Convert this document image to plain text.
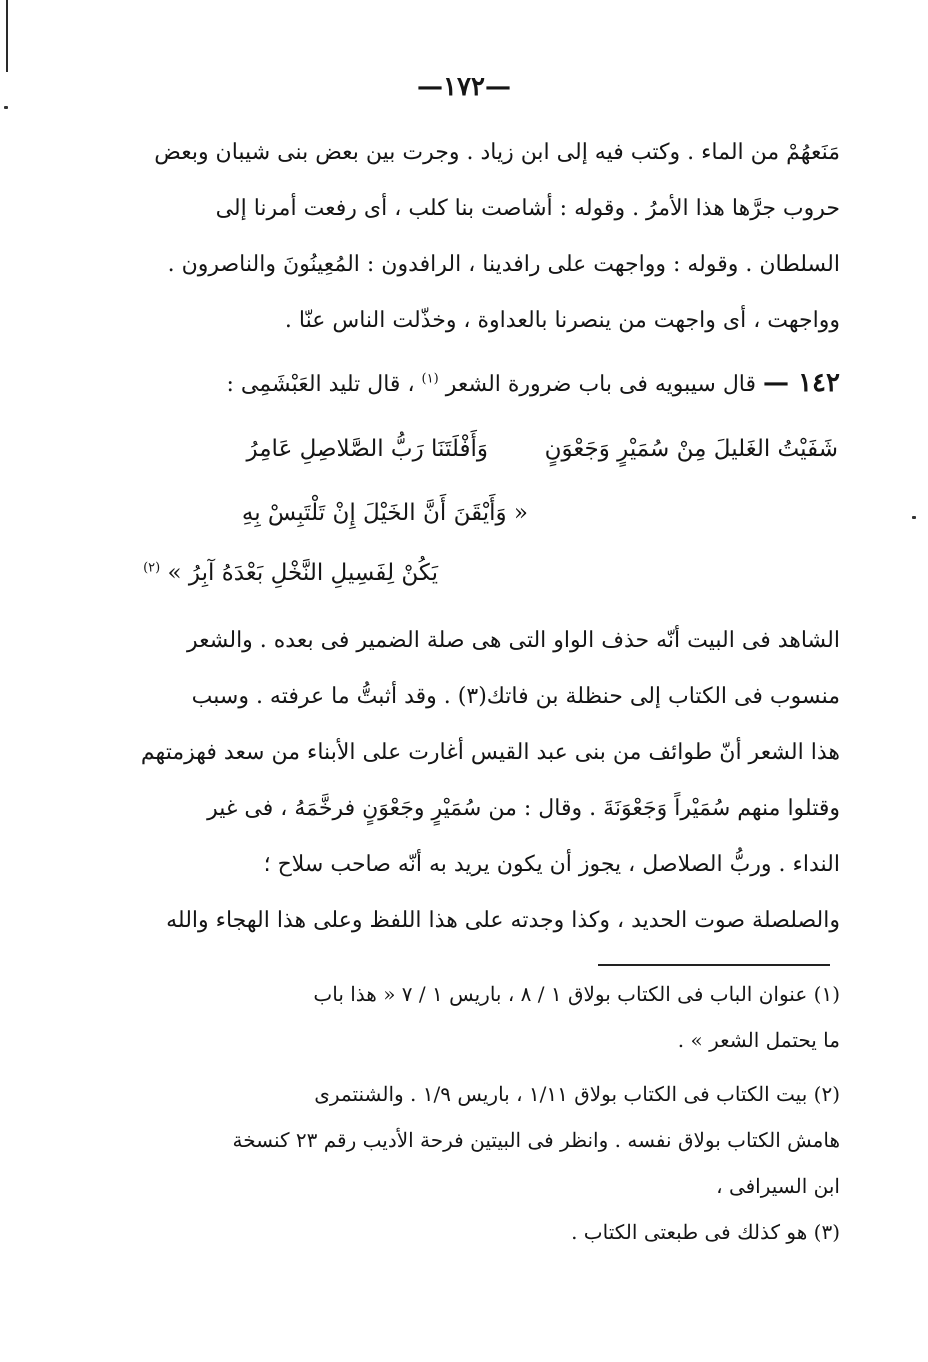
—١٧٢—
مَنَعهُمْ من الماء . وكتب فيه إلى ابن زياد . وجرت بين بعض بنى شيبان وبعض
حروب جرَّها هذا الأمرُ . وقوله : أشاصت بنا كلب ، أى رفعت أمرنا إلى
السلطان . وقوله : وواجهت على رافدينا ، الرافدون : المُعِينُونَ والناصرون .
وواجهت ، أى واجهت من ينصرنا بالعداوة ، وخذّلت الناس عنّا .
١٤٢ — قال سيبويه فى باب ضرورة الشعر $^{(١)}$ ، قال تليد العَبْشَمِى :
شَفَيْتُ الغَليلَ مِنْ سُمَيْرٍ وَجَعْوَنٍ
وَأَفْلَتَنَا رَبُّ الصَّلاصِلِ عَامِرُ
« وَأَيْقَنَ أَنَّ الخَيْلَ إِنْ تَلْتَبِسْ بِهِ
يَكُنْ لِفَسِيلِ النَّخْلِ بَعْدَهُ آبِرُ » $^{(٢)}$
الشاهد فى البيت أنّه حذف الواو التى هى صلة الضمير فى بعده . والشعر
منسوب فى الكتاب إلى حنظلة بن فاتك(٣) . وقد أثبتُّ ما عرفته . وسبب
هذا الشعر أنّ طوائف من بنى عبد القيس أغارت على الأبناء من سعد فهزمتهم
وقتلوا منهم سُمَيْراً وَجَعْوَنَةَ . وقال : من سُمَيْرٍ وجَعْوَنٍ فرخَّمَهُ ، فى غير
النداء . وربُّ الصلاصل ، يجوز أن يكون يريد به أنّه صاحب سلاح ؛
والصلصلة صوت الحديد ، وكذا وجدته على هذا اللفظ وعلى هذا الهجاء والله
(١) عنوان الباب فى الكتاب بولاق ١ / ٨ ، باريس ١ / ٧ « هذا باب
ما يحتمل الشعر » .
(٢) بيت الكتاب فى الكتاب بولاق ١/١١ ، باريس ١/٩ . والشنتمرى
هامش الكتاب بولاق نفسه . وانظر فى البيتين فرحة الأديب رقم ٢٣ كنسخة
ابن السيرافى ،
(٣) هو كذلك فى طبعتى الكتاب .
